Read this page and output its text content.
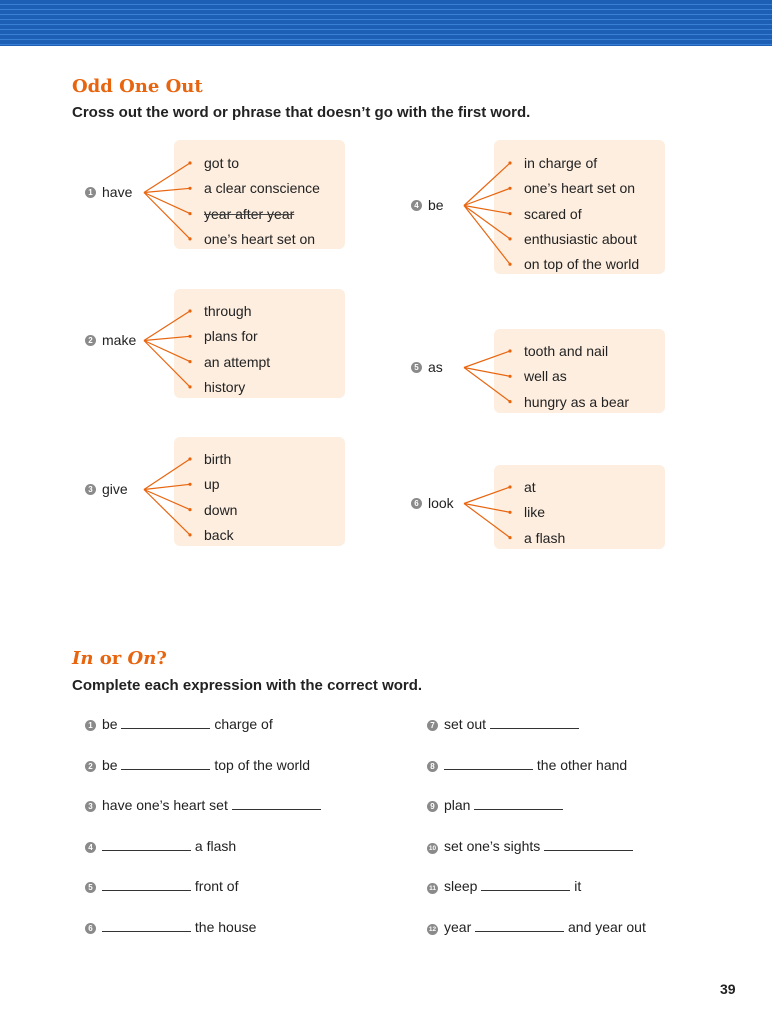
Odd One Out

Cross out the word or phrase that doesn’t go with the first word.

1 have
got to
a clear conscience
year after year
one’s heart set on
2 make
through
plans for
an attempt
history
3 give
birth
up
down
back
4 be
in charge of
one’s heart set on
scared of
enthusiastic about
on top of the world
5 as
tooth and nail
well as
hungry as a bear
6 look
at
like
a flash
In or On?

Complete each expression with the correct word.

1 be	charge of
2 be	top of the world
3 have one’s heart set
4	a flash
5	front of
6	the house
7 set out
8	the other hand
9 plan
10 set one’s sights
11 sleep	it
12 year	and year out
39
